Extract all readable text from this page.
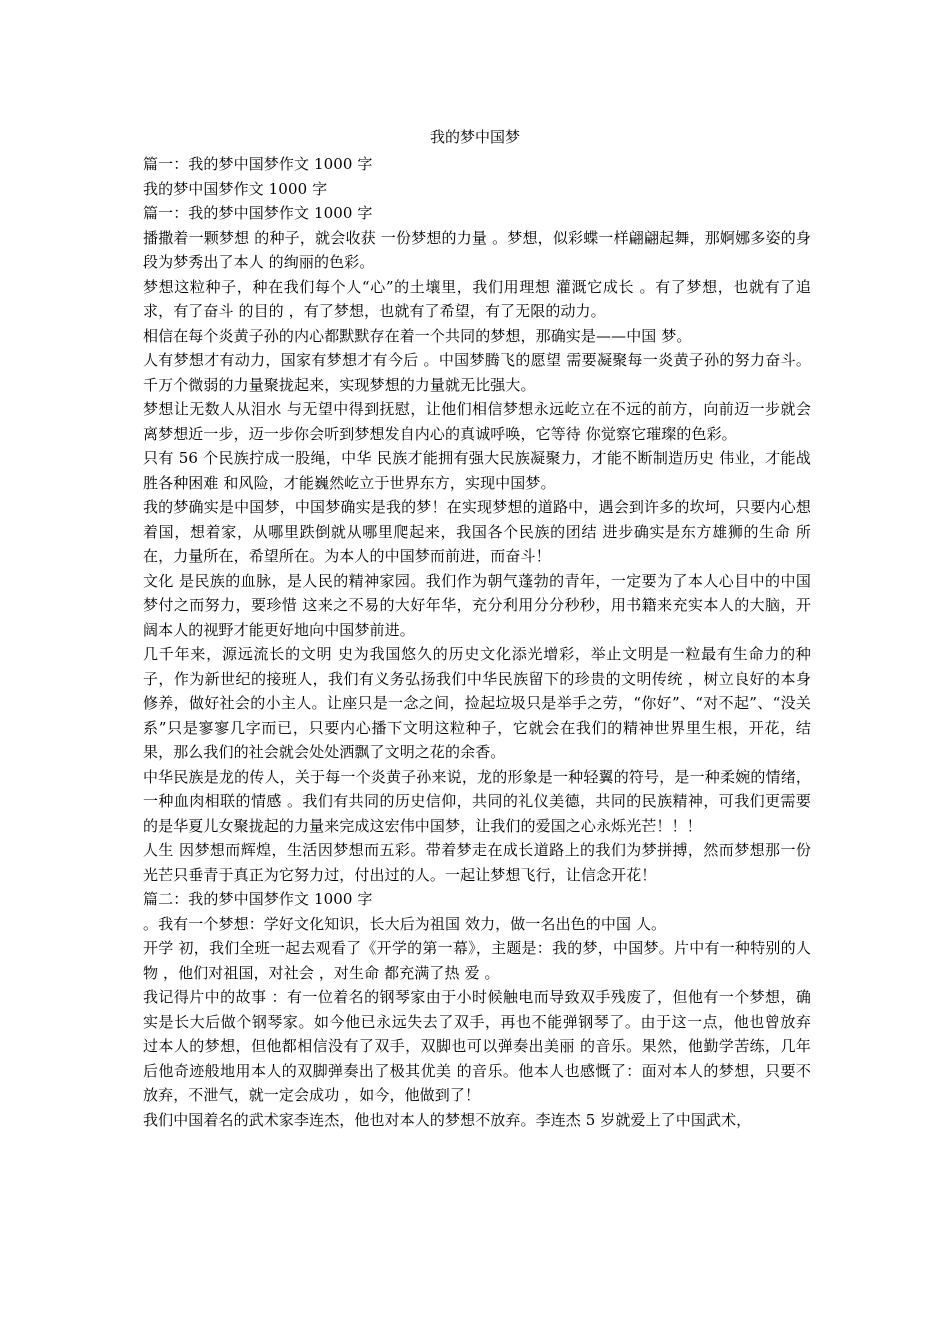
我的梦中国梦

篇一：我的梦中国梦作文 1000 字

我的梦中国梦作文 1000 字

篇一：我的梦中国梦作文 1000 字

播撒着一颗梦想 的种子，就会收获 一份梦想的力量 。梦想，似彩蝶一样翩翩起舞，那婀娜多姿的身段为梦秀出了本人 的绚丽的色彩。

梦想这粒种子，种在我们每个人“心”的土壤里，我们用理想 灌溉它成长 。有了梦想，也就有了追求，有了奋斗 的目的 ，有了梦想，也就有了希望，有了无限的动力。

相信在每个炎黄子孙的内心都默默存在着一个共同的梦想，那确实是——中国 梦。

人有梦想才有动力，国家有梦想才有今后 。中国梦腾飞的愿望 需要凝聚每一炎黄子孙的努力奋斗。千万个微弱的力量聚拢起来，实现梦想的力量就无比强大。

梦想让无数人从泪水 与无望中得到抚慰，让他们相信梦想永远屹立在不远的前方，向前迈一步就会离梦想近一步，迈一步你会听到梦想发自内心的真诚呼唤，它等待 你觉察它璀璨的色彩。

只有 56 个民族拧成一股绳，中华 民族才能拥有强大民族凝聚力，才能不断制造历史 伟业，才能战胜各种困难 和风险，才能巍然屹立于世界东方，实现中国梦。

我的梦确实是中国梦，中国梦确实是我的梦！在实现梦想的道路中，遇会到许多的坎坷，只要内心想着国，想着家，从哪里跌倒就从哪里爬起来，我国各个民族的团结 进步确实是东方雄狮的生命 所在，力量所在，希望所在。为本人的中国梦而前进，而奋斗！

文化 是民族的血脉，是人民的精神家园。我们作为朝气蓬勃的青年，一定要为了本人心目中的中国梦付之而努力，要珍惜 这来之不易的大好年华，充分利用分分秒秒，用书籍来充实本人的大脑，开阔本人的视野才能更好地向中国梦前进。

几千年来，源远流长的文明 史为我国悠久的历史文化添光增彩，举止文明是一粒最有生命力的种子，作为新世纪的接班人，我们有义务弘扬我们中华民族留下的珍贵的文明传统 ，树立良好的本身修养，做好社会的小主人。让座只是一念之间，捡起垃圾只是举手之劳，“你好”、“对不起”、“没关系”只是寥寥几字而已，只要内心播下文明这粒种子，它就会在我们的精神世界里生根，开花，结果，那么我们的社会就会处处洒飘了文明之花的余香。

中华民族是龙的传人，关于每一个炎黄子孙来说，龙的形象是一种轻翼的符号，是一种柔婉的情绪，一种血肉相联的情感 。我们有共同的历史信仰，共同的礼仪美德，共同的民族精神，可我们更需要的是华夏儿女聚拢起的力量来完成这宏伟中国梦，让我们的爱国之心永烁光芒！！！

人生 因梦想而辉煌，生活因梦想而五彩。带着梦走在成长道路上的我们为梦拼搏，然而梦想那一份光芒只垂青于真正为它努力过，付出过的人。一起让梦想飞行，让信念开花！

篇二：我的梦中国梦作文 1000 字

。我有一个梦想：学好文化知识，长大后为祖国 效力，做一名出色的中国 人。

开学 初，我们全班一起去观看了《开学的第一幕》，主题是：我的梦，中国梦。片中有一种特别的人物 ，他们对祖国，对社会 ，对生命 都充满了热 爱 。

我记得片中的故事 ：有一位着名的钢琴家由于小时候触电而导致双手残废了，但他有一个梦想，确实是长大后做个钢琴家。如今他已永远失去了双手，再也不能弹钢琴了。由于这一点，他也曾放弃 过本人的梦想，但他都相信没有了双手，双脚也可以弹奏出美丽 的音乐。果然，他勤学苦练，几年后他奇迹般地用本人的双脚弹奏出了极其优美 的音乐。他本人也感慨了：面对本人的梦想，只要不放弃，不泄气，就一定会成功 ，如今，他做到了！

我们中国着名的武术家李连杰，他也对本人的梦想不放弃。李连杰 5 岁就爱上了中国武术，
